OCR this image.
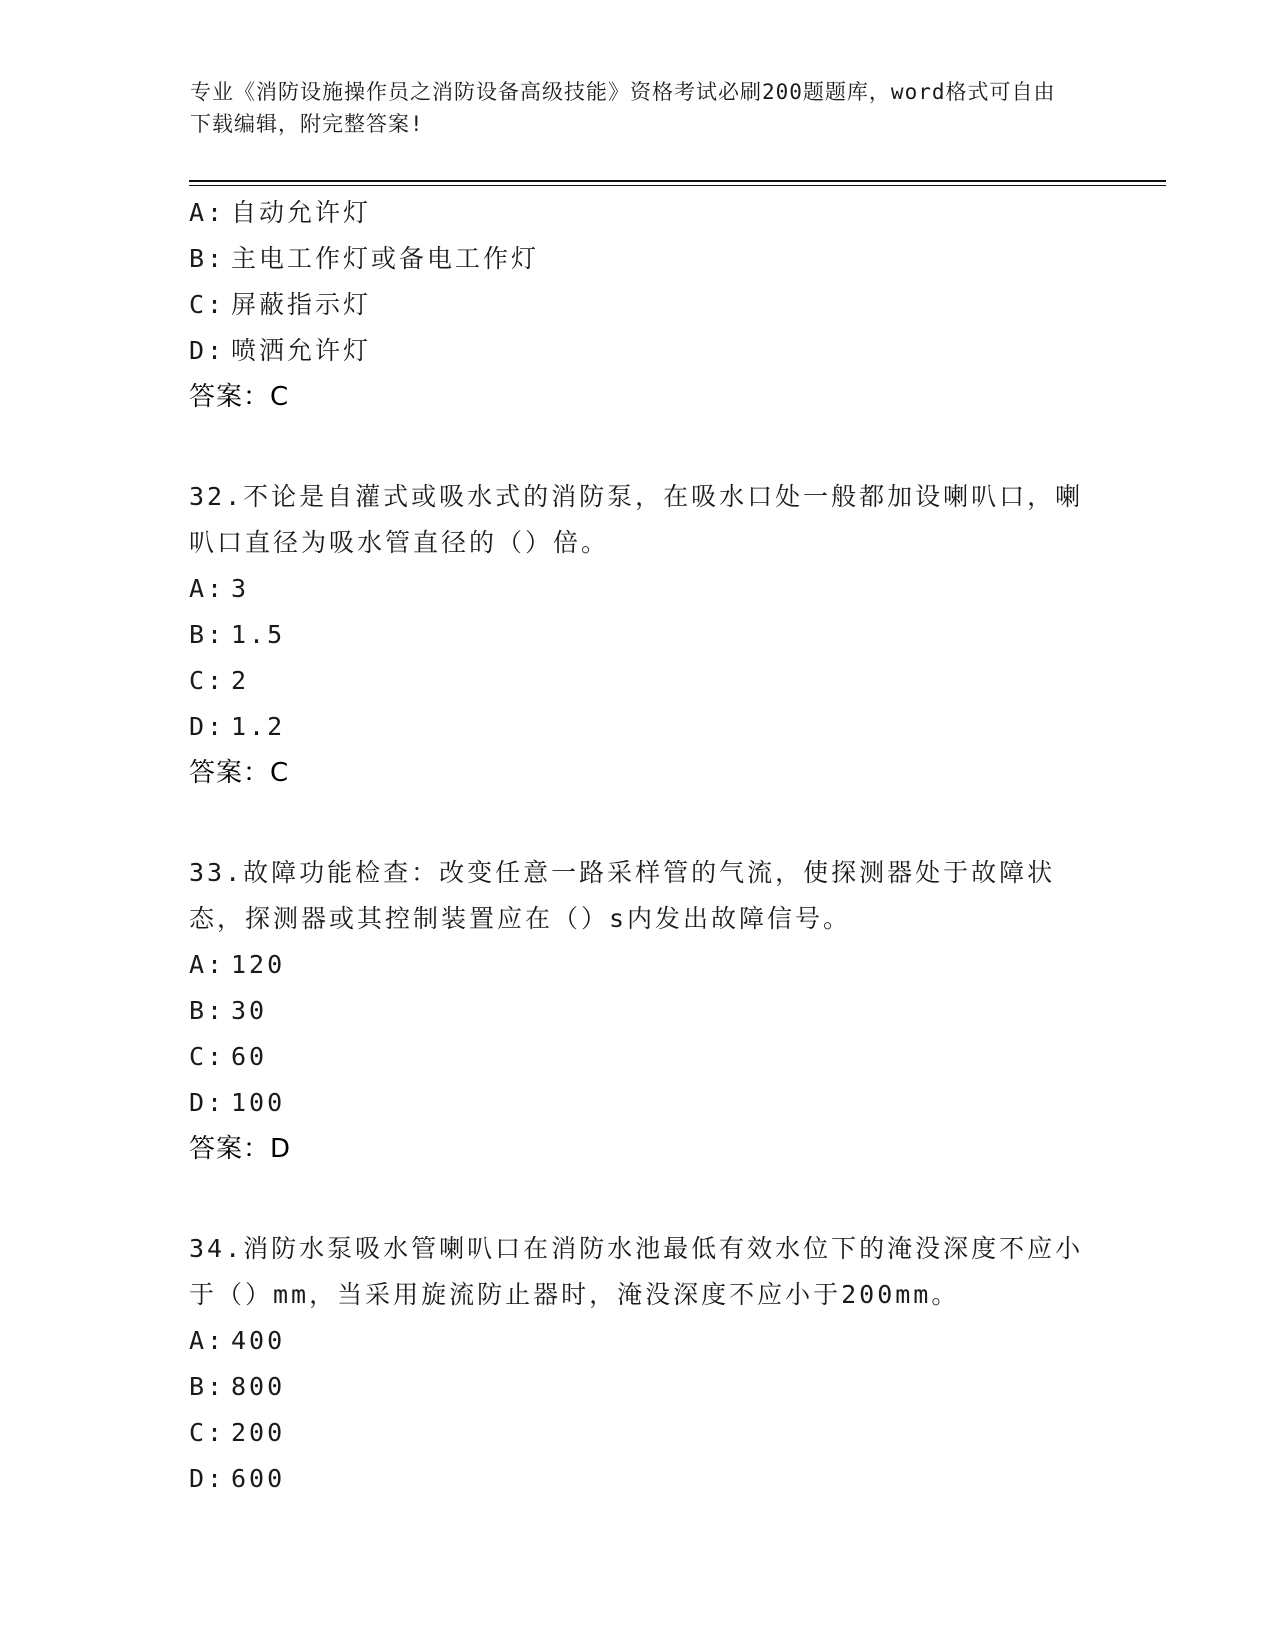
专业《消防设施操作员之消防设备高级技能》资格考试必刷200题题库，word格式可自由下载编辑，附完整答案!
A: 自动允许灯
B: 主电工作灯或备电工作灯
C: 屏蔽指示灯
D: 喷洒允许灯
答案：C
32.不论是自灌式或吸水式的消防泵，在吸水口处一般都加设喇叭口，喇叭口直径为吸水管直径的（）倍。
A: 3
B: 1.5
C: 2
D: 1.2
答案：C
33.故障功能检查：改变任意一路采样管的气流，使探测器处于故障状态，探测器或其控制装置应在（）s内发出故障信号。
A: 120
B: 30
C: 60
D: 100
答案：D
34.消防水泵吸水管喇叭口在消防水池最低有效水位下的淹没深度不应小于（）mm，当采用旋流防止器时，淹没深度不应小于200mm。
A: 400
B: 800
C: 200
D: 600
